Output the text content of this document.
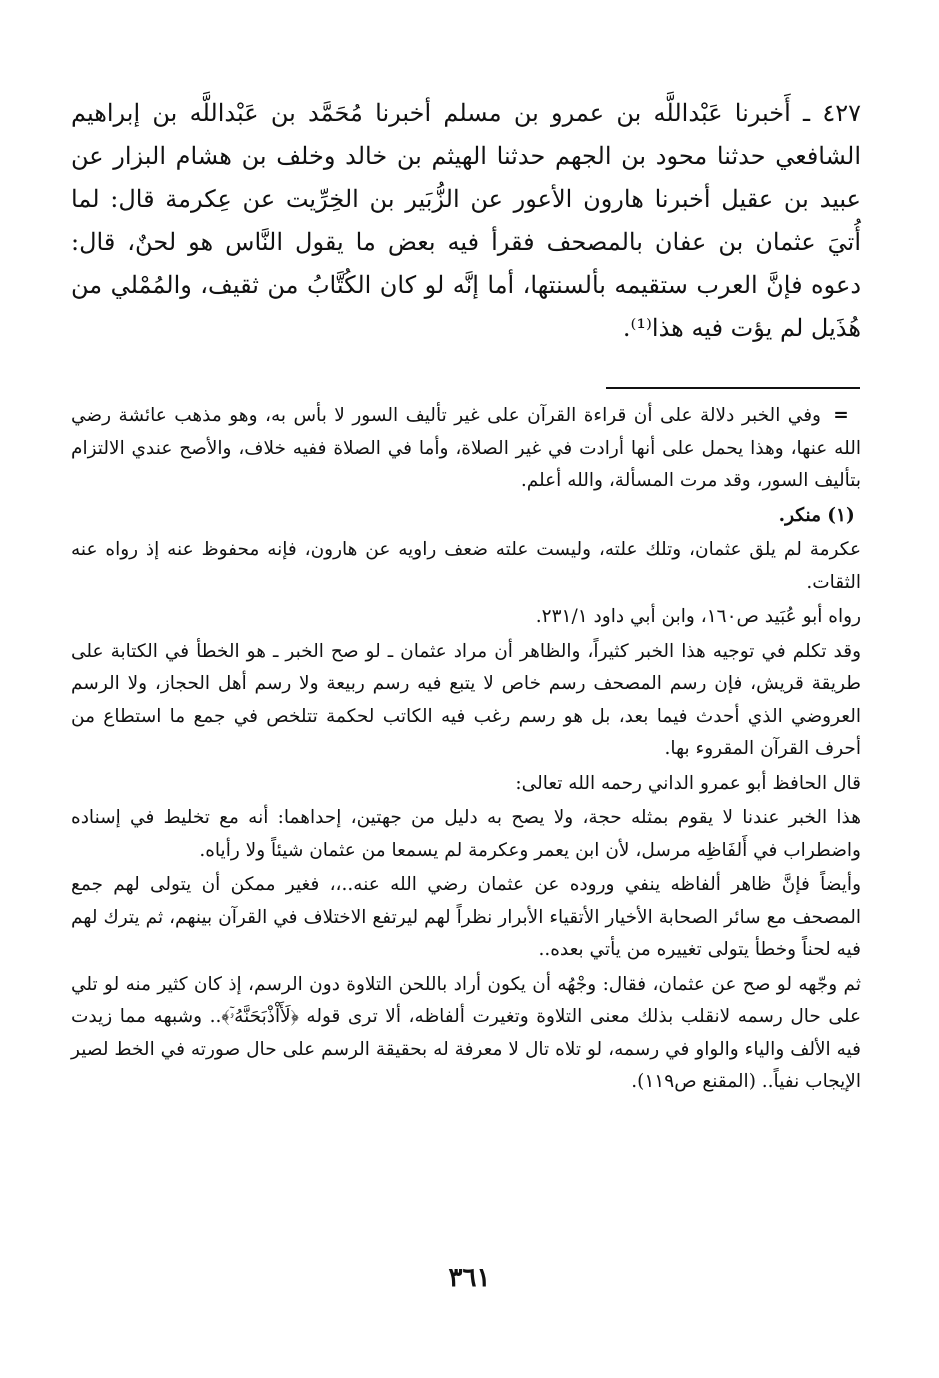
٤٢٧ ـ أَخبرنا عَبْداللَّه بن عمرو بن مسلم أخبرنا مُحَمَّد بن عَبْداللَّه بن إبراهيم الشافعي حدثنا محود بن الجهم حدثنا الهيثم بن خالد وخلف بن هشام البزار عن عبيد بن عقيل أخبرنا هارون الأعور عن الزُّبَير بن الخِرِّيت عن عِكرمة قال: لما أُتيَ عثمان بن عفان بالمصحف فقرأ فيه بعض ما يقول النَّاس هو لحنٌ، قال: دعوه فإنَّ العرب ستقيمه بألسنتها، أما إنَّه لو كان الكُتَّابُ من ثقيف، والمُمْلي من هُذَيل لم يؤت فيه هذا⁽¹⁾.

=وفي الخبر دلالة على أن قراءة القرآن على غير تأليف السور لا بأس به، وهو مذهب عائشة رضي الله عنها، وهذا يحمل على أنها أرادت في غير الصلاة، وأما في الصلاة ففيه خلاف، والأصح عندي الالتزام بتأليف السور، وقد مرت المسألة، والله أعلم.

(١)منكر.

عكرمة لم يلق عثمان، وتلك علته، وليست علته ضعف راويه عن هارون، فإنه محفوظ عنه إذ رواه عنه الثقات.

رواه أبو عُبَيد ص١٦٠، وابن أبي داود ٢٣١/١.

وقد تكلم في توجيه هذا الخبر كثيراً، والظاهر أن مراد عثمان ـ لو صح الخبر ـ هو الخطأ في الكتابة على طريقة قريش، فإن رسم المصحف رسم خاص لا يتبع فيه رسم ربيعة ولا رسم أهل الحجاز، ولا الرسم العروضي الذي أحدث فيما بعد، بل هو رسم رغب فيه الكاتب لحكمة تتلخص في جمع ما استطاع من أحرف القرآن المقروء بها.

قال الحافظ أبو عمرو الداني رحمه الله تعالى:

هذا الخبر عندنا لا يقوم بمثله حجة، ولا يصح به دليل من جهتين، إحداهما: أنه مع تخليط في إسناده واضطراب في أَلفَاظِه مرسل، لأن ابن يعمر وعكرمة لم يسمعا من عثمان شيئاً ولا رأياه.

وأيضاً فإنَّ ظاهر ألفاظه ينفي وروده عن عثمان رضي الله عنه..،، فغير ممكن أن يتولى لهم جمع المصحف مع سائر الصحابة الأخيار الأتقياء الأبرار نظراً لهم ليرتفع الاختلاف في القرآن بينهم، ثم يترك لهم فيه لحناً وخطأ يتولى تغييره من يأتي بعده..

ثم وجّهه لو صح عن عثمان، فقال: وجْهُه أن يكون أراد باللحن التلاوة دون الرسم، إذ كان كثير منه لو تلي على حال رسمه لانقلب بذلك معنى التلاوة وتغيرت ألفاظه، ألا ترى قوله ﴿لَأَاْذْبَحَنَّهُۥٓ﴾.. وشبهه مما زيدت فيه الألف والياء والواو في رسمه، لو تلاه تال لا معرفة له بحقيقة الرسم على حال صورته في الخط لصير الإيجاب نفياً.. (المقنع ص١١٩).

٣٦١
